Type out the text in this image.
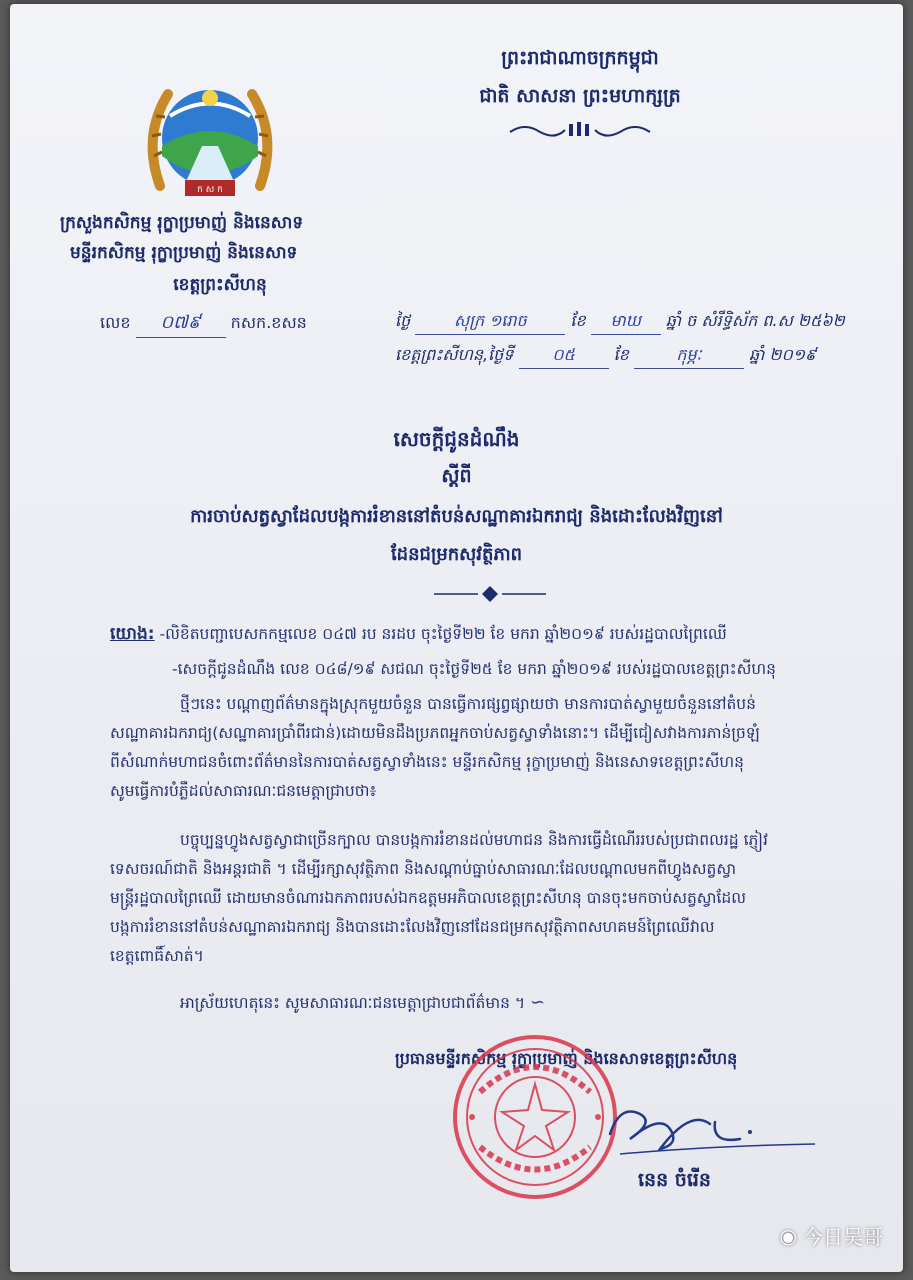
ក ស ក
ព្រះរាជាណាចក្រកម្ពុជា
ជាតិ សាសនា ព្រះមហាក្សត្រ
ក្រសួងកសិកម្ម រុក្ខាប្រមាញ់ និងនេសាទ
មន្ទីរកសិកម្ម រុក្ខាប្រមាញ់ និងនេសាទ
ខេត្តព្រះសីហនុ
លេខ ០៧៩ កសក.ខសន	ថ្ងៃ	សុក្រ ១រោច	ខែ មាឃ ឆ្នាំ ច សំរឹទ្ធិស័ក ព.ស ២៥៦២
ខេត្តព្រះសីហនុ,ថ្ងៃទី ០៥ ខែ	កុម្ភៈ	ឆ្នាំ ២០១៩
សេចក្តីជូនដំណឹង
ស្តីពី
ការចាប់សត្វស្វាដែលបង្កការរំខាននៅតំបន់សណ្ឋាគារឯករាជ្យ និងដោះលែងវិញនៅ
ដែនជម្រកសុវត្ថិភាព
យោង: -លិខិតបញ្ជាបេសកកម្មលេខ ០៤៧ រប នរដប ចុះថ្ងៃទី២២ ខែ មករា ឆ្នាំ២០១៩ របស់រដ្ឋបាលព្រៃឈើ
-សេចក្តីជូនដំណឹង លេខ ០៤៨/១៩ សជណ ចុះថ្ងៃទី២៥ ខែ មករា ឆ្នាំ២០១៩ របស់រដ្ឋបាលខេត្តព្រះសីហនុ
ថ្មីៗនេះ បណ្តាញព័ត៌មានក្នុងស្រុកមួយចំនួន បានធ្វើការផ្សព្វផ្សាយថា មានការបាត់ស្វាមួយចំនួននៅតំបន់
សណ្ឋាគារឯករាជ្យ(សណ្ឋាគារប្រាំពីរជាន់)ដោយមិនដឹងប្រភពអ្នកចាប់សត្វស្វាទាំងនោះ។ ដើម្បីជៀសវាងការភាន់ច្រឡំ
ពីសំណាក់មហាជនចំពោះព័ត៌មាននៃការបាត់សត្វស្វាទាំងនេះ មន្ទីរកសិកម្ម រុក្ខាប្រមាញ់ និងនេសាទខេត្តព្រះសីហនុ
សូមធ្វើការបំភ្លឺដល់សាធារណៈជនមេត្តាជ្រាបថា៖
បច្ចុប្បន្នហ្វូងសត្វស្វាជាច្រើនក្បាល បានបង្កការរំខានដល់មហាជន និងការធ្វើដំណើររបស់ប្រជាពលរដ្ឋ ភ្ញៀវ
ទេសចរណ៍ជាតិ និងអន្តរជាតិ ។ ដើម្បីរក្សាសុវត្ថិភាព និងសណ្តាប់ធ្នាប់សាធារណៈដែលបណ្តាលមកពីហ្វូងសត្វស្វា
មន្ត្រីរដ្ឋបាលព្រៃឈើ ដោយមានចំណារឯកភាពរបស់ឯកឧត្តមអភិបាលខេត្តព្រះសីហនុ បានចុះមកចាប់សត្វស្វាដែល
បង្កការរំខាននៅតំបន់សណ្ឋាគារឯករាជ្យ និងបានដោះលែងវិញនៅដែនជម្រកសុវត្ថិភាពសហគមន៍ព្រៃឈើវាល
ខេត្តពោធិ៍សាត់។
អាស្រ័យហេតុនេះ សូមសាធារណៈជនមេត្តាជ្រាបជាព័ត៌មាន ។ ∽
ប្រធានមន្ទីរកសិកម្ម រុក្ខាប្រមាញ់ និងនេសាទខេត្តព្រះសីហនុ
នេន ចំរើន
◉ 今日吴哥
